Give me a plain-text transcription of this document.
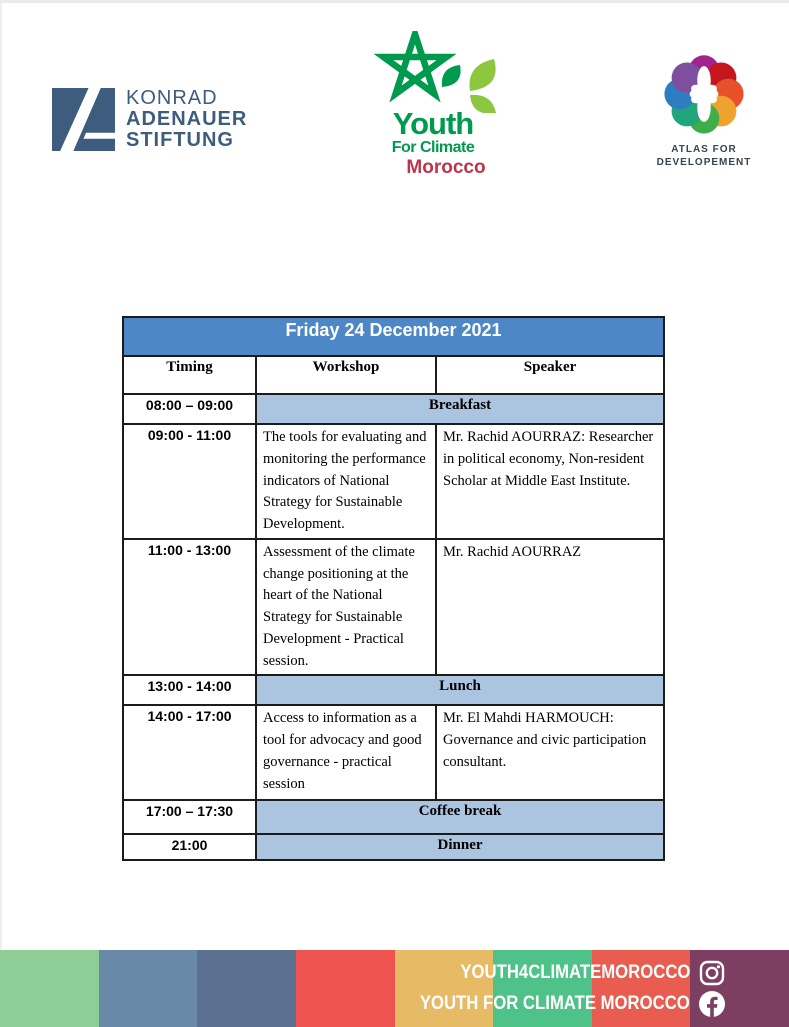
KONRAD
ADENAUER
STIFTUNG	Youth
For Climate
Morocco
ATLAS FOR
DEVELOPEMENT
Friday 24 December 2021		
Timing	Workshop	Speaker
08:00 – 09:00	Breakfast	
09:00 - 11:00	The tools for evaluating and monitoring the performance indicators of National Strategy for Sustainable Development.	Mr. Rachid AOURRAZ: Researcher in political economy, Non-resident Scholar at Middle East Institute.
11:00 - 13:00	Assessment of the climate change positioning at the heart of the National Strategy for Sustainable Development - Practical session.	Mr. Rachid AOURRAZ
13:00 - 14:00	Lunch	
14:00 - 17:00	Access to information as a tool for advocacy and good governance - practical session	Mr. El Mahdi HARMOUCH: Governance and civic participation consultant.
17:00 – 17:30	Coffee break	
21:00	Dinner	
YOUTH4CLIMATEMOROCCO
YOUTH FOR CLIMATE MOROCCO
